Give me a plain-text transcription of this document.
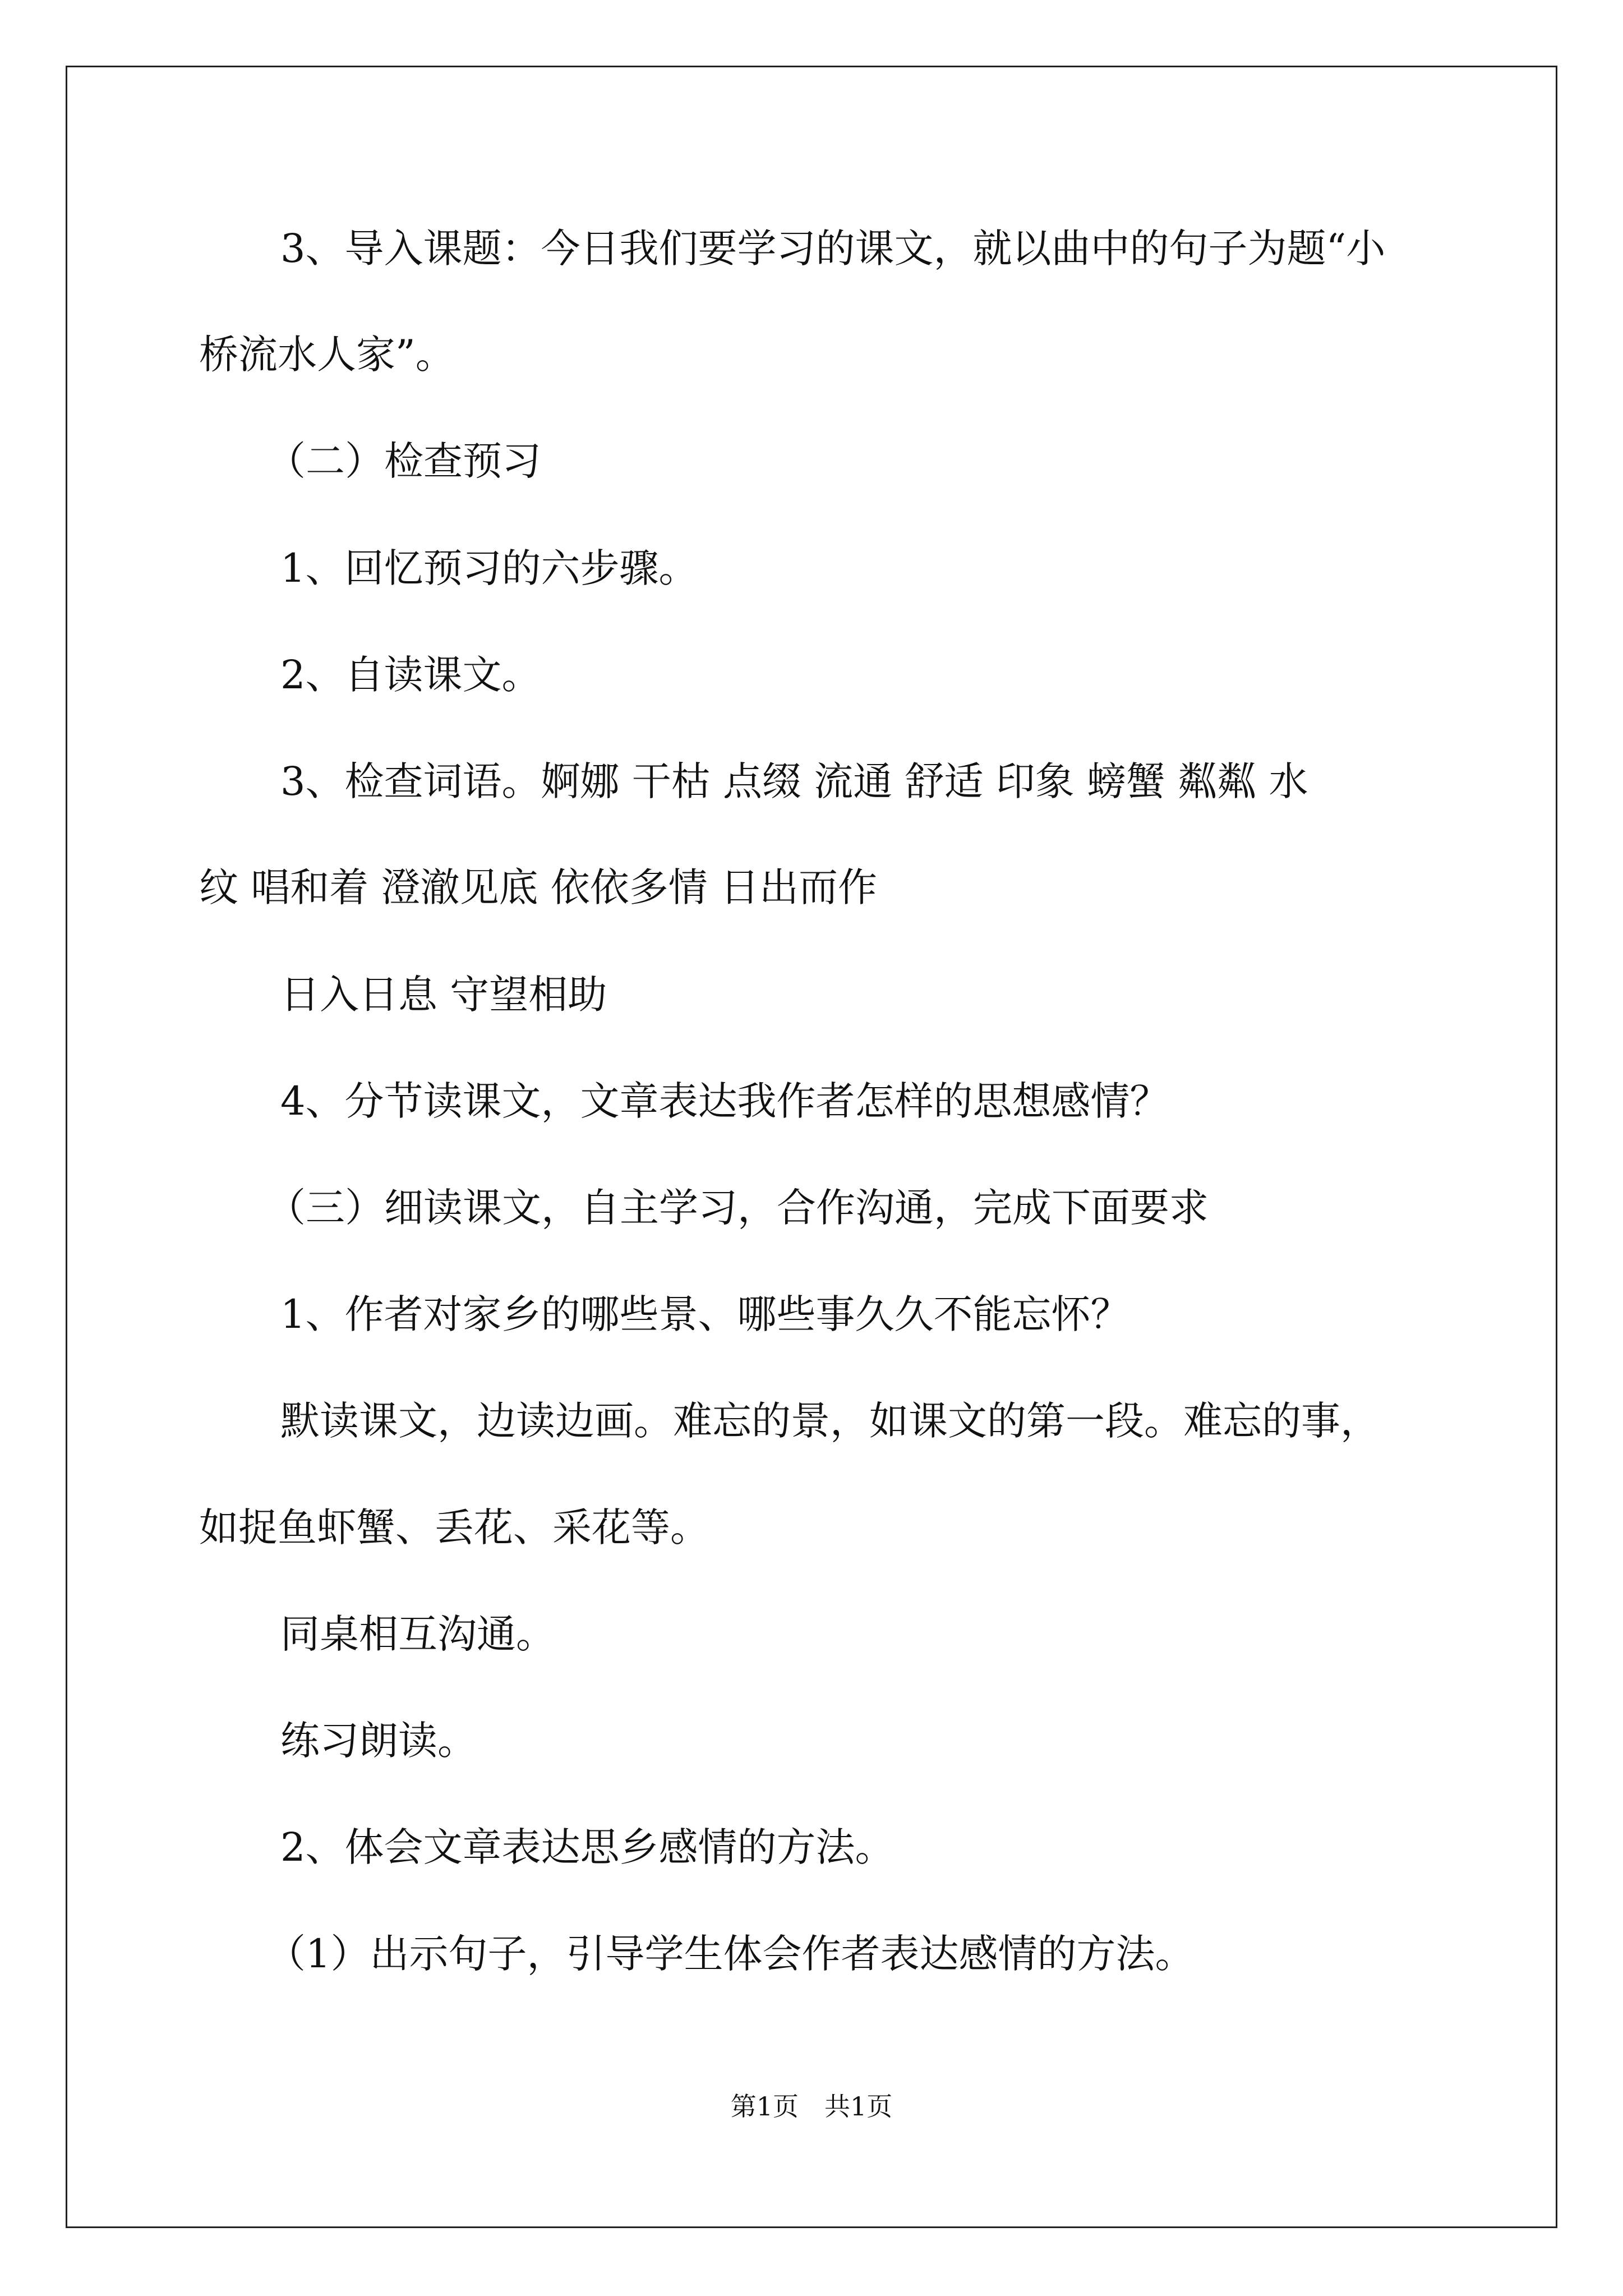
3、导入课题：今日我们要学习的课文，就以曲中的句子为题“小
桥流水人家”。
（二）检查预习
1、回忆预习的六步骤。
2、自读课文。
3、检查词语。婀娜 干枯 点缀 流通 舒适 印象 螃蟹 粼粼 水
纹 唱和着 澄澈见底 依依多情 日出而作
日入日息 守望相助
4、分节读课文，文章表达我作者怎样的思想感情？
（三）细读课文，自主学习，合作沟通，完成下面要求
1、作者对家乡的哪些景、哪些事久久不能忘怀？
默读课文，边读边画。难忘的景，如课文的第一段。难忘的事，
如捉鱼虾蟹、丢花、采花等。
同桌相互沟通。
练习朗读。
2、体会文章表达思乡感情的方法。
（1）出示句子，引导学生体会作者表达感情的方法。
第1页　共1页
